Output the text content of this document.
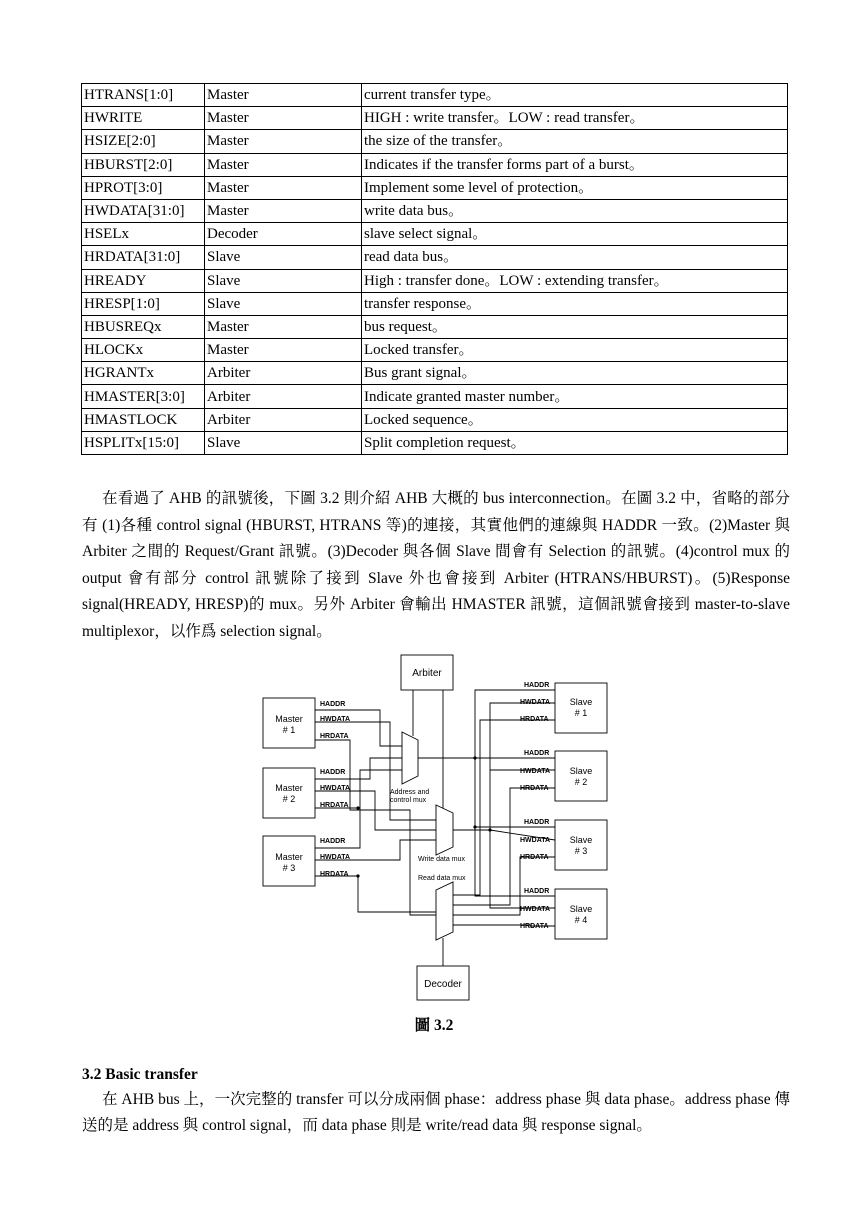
HTRANS[1:0]	Master	current transfer type。
HWRITE	Master	HIGH : write transfer。LOW : read transfer。
HSIZE[2:0]	Master	the size of the transfer。
HBURST[2:0]	Master	Indicates if the transfer forms part of a burst。
HPROT[3:0]	Master	Implement some level of protection。
HWDATA[31:0]	Master	write data bus。
HSELx	Decoder	slave select signal。
HRDATA[31:0]	Slave	read data bus。
HREADY	Slave	High : transfer done。LOW : extending transfer。
HRESP[1:0]	Slave	transfer response。
HBUSREQx	Master	bus request。
HLOCKx	Master	Locked transfer。
HGRANTx	Arbiter	Bus grant signal。
HMASTER[3:0]	Arbiter	Indicate granted master number。
HMASTLOCK	Arbiter	Locked sequence。
HSPLITx[15:0]	Slave	Split completion request。

在看過了 AHB 的訊號後，下圖 3.2 則介紹 AHB 大概的 bus interconnection。在圖 3.2 中，省略的部分有 (1)各種 control signal (HBURST, HTRANS 等)的連接，其實他們的連線與 HADDR 一致。(2)Master 與 Arbiter 之間的 Request/Grant 訊號。(3)Decoder 與各個 Slave 間會有 Selection 的訊號。(4)control mux 的 output 會有部分 control 訊號除了接到 Slave 外也會接到 Arbiter (HTRANS/HBURST)。(5)Response signal(HREADY, HRESP)的 mux。另外 Arbiter 會輸出 HMASTER 訊號，這個訊號會接到 master-to-slave multiplexor，以作爲 selection signal。

Arbiter
Decoder
Master
# 1
Master
# 2
Master
# 3
Slave
# 1
Slave
# 2
Slave
# 3
Slave
# 4
HADDR
HWDATA
HRDATA
HADDR
HWDATA
HRDATA
HADDR
HWDATA
HRDATA
HADDR
HWDATA
HRDATA
HADDR
HWDATA
HRDATA
HADDR
HWDATA
HRDATA
HADDR
HWDATA
HRDATA
Address and
control mux
Write data mux
Read data mux
圖 3.2
3.2 Basic transfer

在 AHB bus 上，一次完整的 transfer 可以分成兩個 phase：address phase 與 data phase。address phase 傳送的是 address 與 control signal，而 data phase 則是 write/read data 與 response signal。
